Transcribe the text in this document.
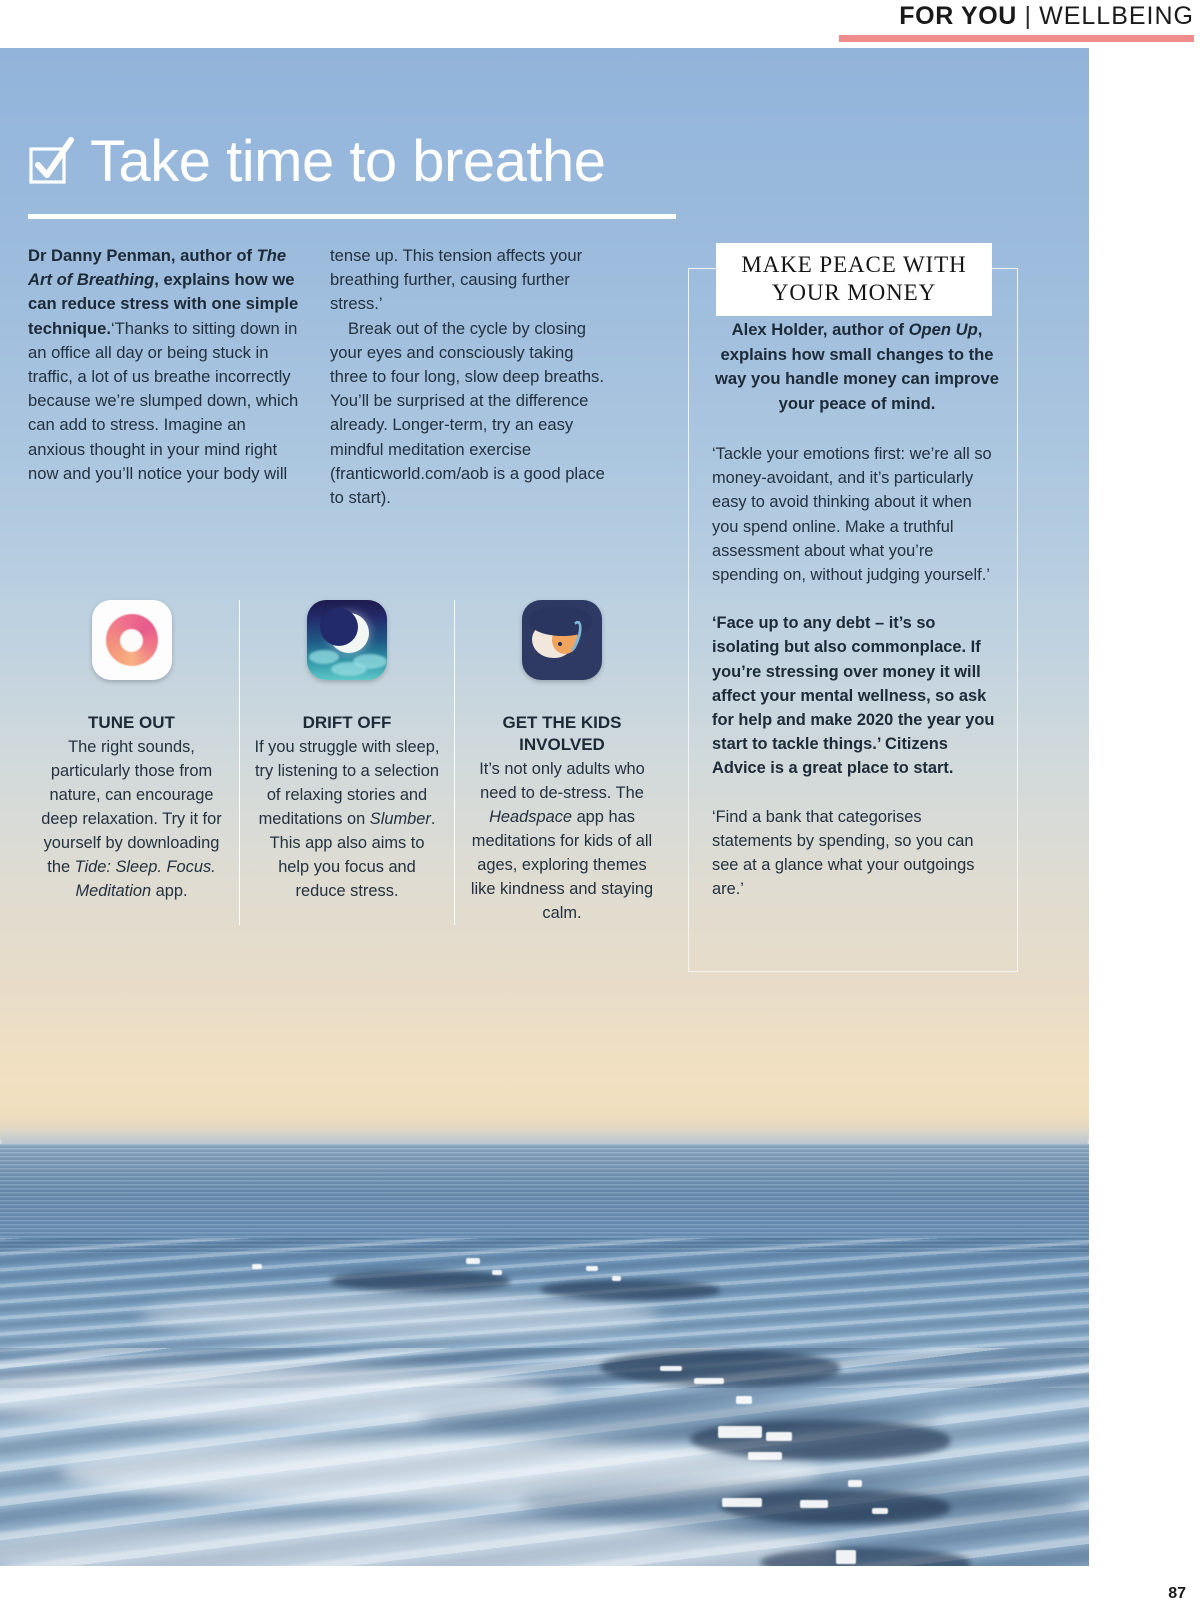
FOR YOU | WELLBEING
Take time to breathe

Dr Danny Penman, author of The Art of Breathing, explains how we can reduce stress with one simple technique.‘Thanks to sitting down in an office all day or being stuck in traffic, a lot of us breathe incorrectly because we’re slumped down, which can add to stress. Imagine an anxious thought in your mind right now and you’ll notice your body will

tense up. This tension affects your breathing further, causing further stress.’

Break out of the cycle by closing your eyes and consciously taking three to four long, slow deep breaths. You’ll be surprised at the difference already. Longer-term, try an easy mindful meditation exercise (franticworld.com/aob is a good place to start).

TUNE OUT
The right sounds, particularly those from nature, can encourage deep relaxation. Try it for yourself by downloading the Tide: Sleep. Focus. Meditation app.
DRIFT OFF
If you struggle with sleep, try listening to a selection of relaxing stories and meditations on Slumber. This app also aims to help you focus and reduce stress.
GET THE KIDS INVOLVED
It’s not only adults who need to de-stress. The Headspace app has meditations for kids of all ages, exploring themes like kindness and staying calm.
MAKE PEACE WITH YOUR MONEY

Alex Holder, author of Open Up, explains how small changes to the way you handle money can improve your peace of mind.

‘Tackle your emotions first: we’re all so money-avoidant, and it’s particularly easy to avoid thinking about it when you spend online. Make a truthful assessment about what you’re spending on, without judging yourself.’

‘Face up to any debt – it’s so isolating but also commonplace. If you’re stressing over money it will affect your mental wellness, so ask for help and make 2020 the year you start to tackle things.’ Citizens Advice is a great place to start.

‘Find a bank that categorises statements by spending, so you can see at a glance what your outgoings are.’

87
